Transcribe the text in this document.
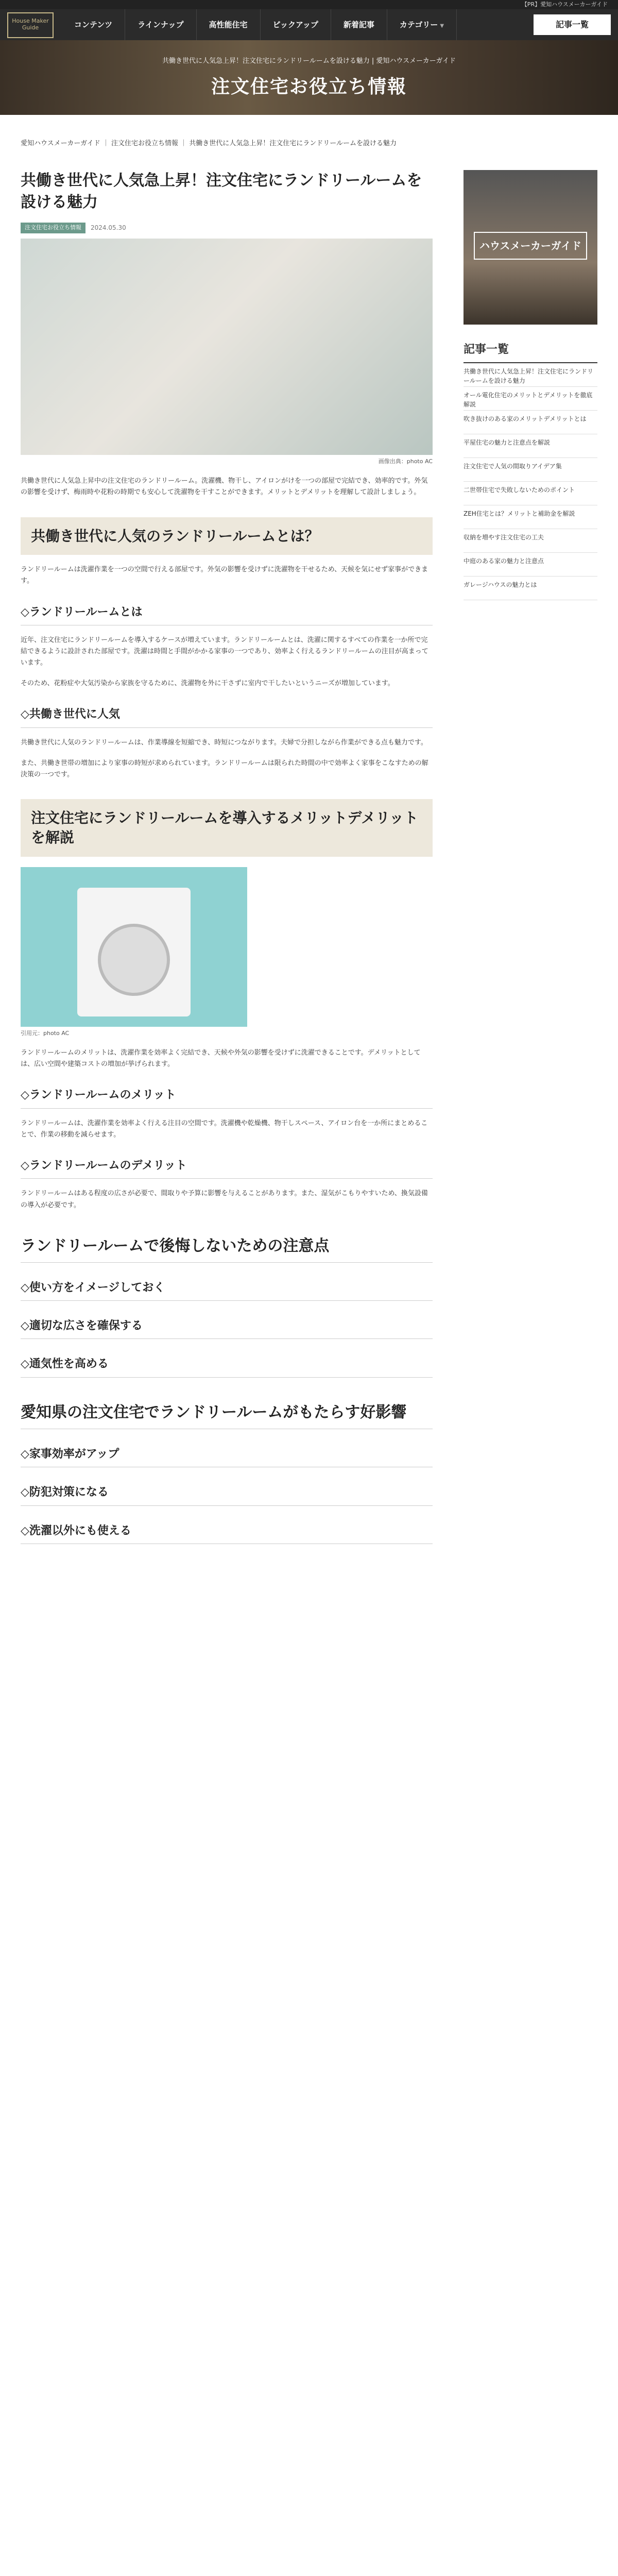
【PR】愛知ハウスメーカーガイド
House Maker Guide	コンテンツ	ラインナップ	高性能住宅	ピックアップ	新着記事	カテゴリー ▼	記事一覧
共働き世代に人気急上昇！注文住宅にランドリールームを設ける魅力 | 愛知ハウスメーカーガイド
注文住宅お役立ち情報
愛知ハウスメーカーガイド ｜ 注文住宅お役立ち情報 ｜ 共働き世代に人気急上昇！注文住宅にランドリールームを設ける魅力
共働き世代に人気急上昇！注文住宅にランドリールームを設ける魅力
注文住宅お役立ち情報	2024.05.30
画像出典：photo AC

共働き世代に人気急上昇中の注文住宅のランドリールーム。洗濯機、物干し、アイロンがけを一つの部屋で完結でき、効率的です。外気の影響を受けず、梅雨時や花粉の時期でも安心して洗濯物を干すことができます。メリットとデメリットを理解して設計しましょう。

共働き世代に人気のランドリールームとは？

ランドリールームは洗濯作業を一つの空間で行える部屋です。外気の影響を受けずに洗濯物を干せるため、天候を気にせず家事ができます。

◇ランドリールームとは

近年、注文住宅にランドリールームを導入するケースが増えています。ランドリールームとは、洗濯に関するすべての作業を一か所で完結できるように設計された部屋です。洗濯は時間と手間がかかる家事の一つであり、効率よく行えるランドリールームの注目が高まっています。

そのため、花粉症や大気汚染から家族を守るために、洗濯物を外に干さずに室内で干したいというニーズが増加しています。

◇共働き世代に人気

共働き世代に人気のランドリールームは、作業導線を短縮でき、時短につながります。夫婦で分担しながら作業ができる点も魅力です。

また、共働き世帯の増加により家事の時短が求められています。ランドリールームは限られた時間の中で効率よく家事をこなすための解決策の一つです。

注文住宅にランドリールームを導入するメリットデメリットを解説
引用元：photo AC

ランドリールームのメリットは、洗濯作業を効率よく完結でき、天候や外気の影響を受けずに洗濯できることです。デメリットとしては、広い空間や建築コストの増加が挙げられます。

◇ランドリールームのメリット

ランドリールームは、洗濯作業を効率よく行える注目の空間です。洗濯機や乾燥機、物干しスペース、アイロン台を一か所にまとめることで、作業の移動を減らせます。

◇ランドリールームのデメリット

ランドリールームはある程度の広さが必要で、間取りや予算に影響を与えることがあります。また、湿気がこもりやすいため、換気設備の導入が必要です。

ランドリールームで後悔しないための注意点
◇使い方をイメージしておく
◇適切な広さを確保する
◇通気性を高める
愛知県の注文住宅でランドリールームがもたらす好影響
◇家事効率がアップ
◇防犯対策になる
◇洗濯以外にも使える
ハウスメーカーガイド
記事一覧
共働き世代に人気急上昇！注文住宅にランドリールームを設ける魅力
オール電化住宅のメリットとデメリットを徹底解説
吹き抜けのある家のメリットデメリットとは
平屋住宅の魅力と注意点を解説
注文住宅で人気の間取りアイデア集
二世帯住宅で失敗しないためのポイント
ZEH住宅とは？メリットと補助金を解説
収納を増やす注文住宅の工夫
中庭のある家の魅力と注意点
ガレージハウスの魅力とは
